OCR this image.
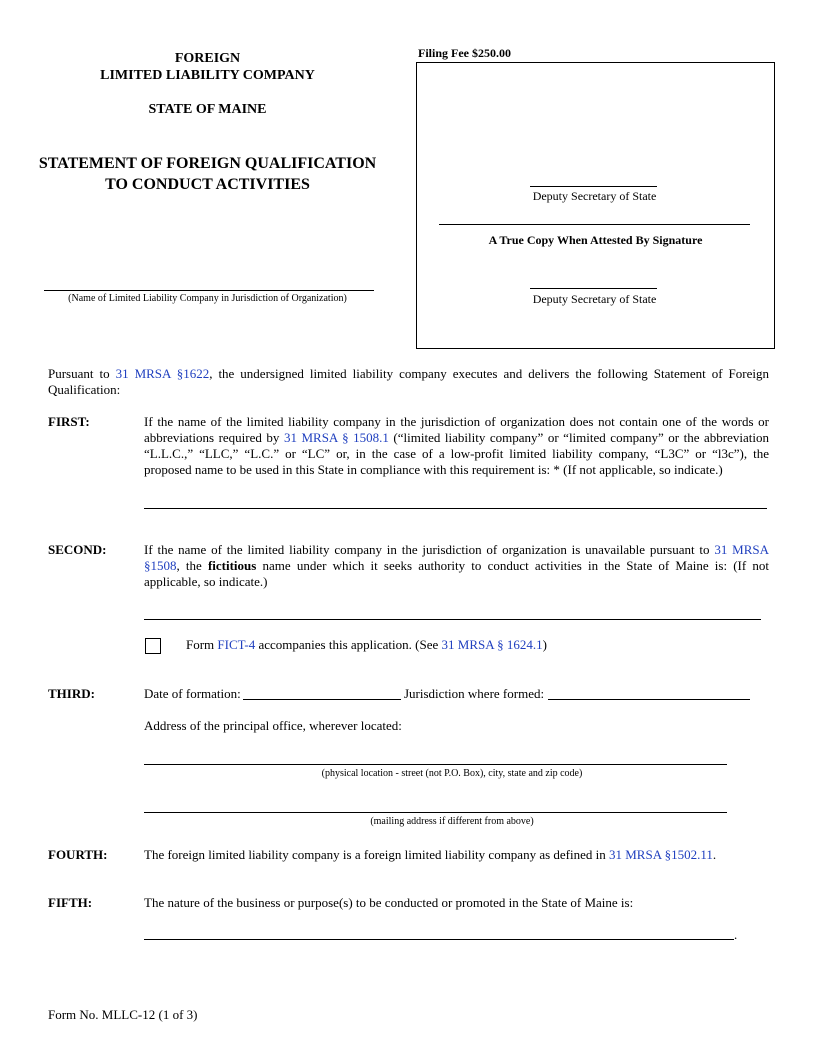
FOREIGN
LIMITED LIABILITY COMPANY
STATE OF MAINE
STATEMENT OF FOREIGN QUALIFICATION
TO CONDUCT ACTIVITIES
(Name of Limited Liability Company in Jurisdiction of Organization)
Filing Fee $250.00
Deputy Secretary of State
A True Copy When Attested By Signature
Deputy Secretary of State
Pursuant to 31 MRSA §1622, the undersigned limited liability company executes and delivers the following Statement of Foreign Qualification:
FIRST:	If the name of the limited liability company in the jurisdiction of organization does not contain one of the words or abbreviations required by 31 MRSA § 1508.1 (“limited liability company” or “limited company” or the abbreviation “L.L.C.,” “LLC,” “L.C.” or “LC” or, in the case of a low-profit limited liability company, “L3C” or “l3c”), the proposed name to be used in this State in compliance with this requirement is: * (If not applicable, so indicate.)
SECOND:	If the name of the limited liability company in the jurisdiction of organization is unavailable pursuant to 31 MRSA §1508, the fictitious name under which it seeks authority to conduct activities in the State of Maine is: (If not applicable, so indicate.)
Form FICT-4 accompanies this application. (See 31 MRSA § 1624.1)
THIRD:	Date of formation:	Jurisdiction where formed:
Address of the principal office, wherever located:
(physical location - street (not P.O. Box), city, state and zip code)
(mailing address if different from above)
FOURTH:	The foreign limited liability company is a foreign limited liability company as defined in 31 MRSA §1502.11.
FIFTH:	The nature of the business or purpose(s) to be conducted or promoted in the State of Maine is:
.
Form No. MLLC-12 (1 of 3)
